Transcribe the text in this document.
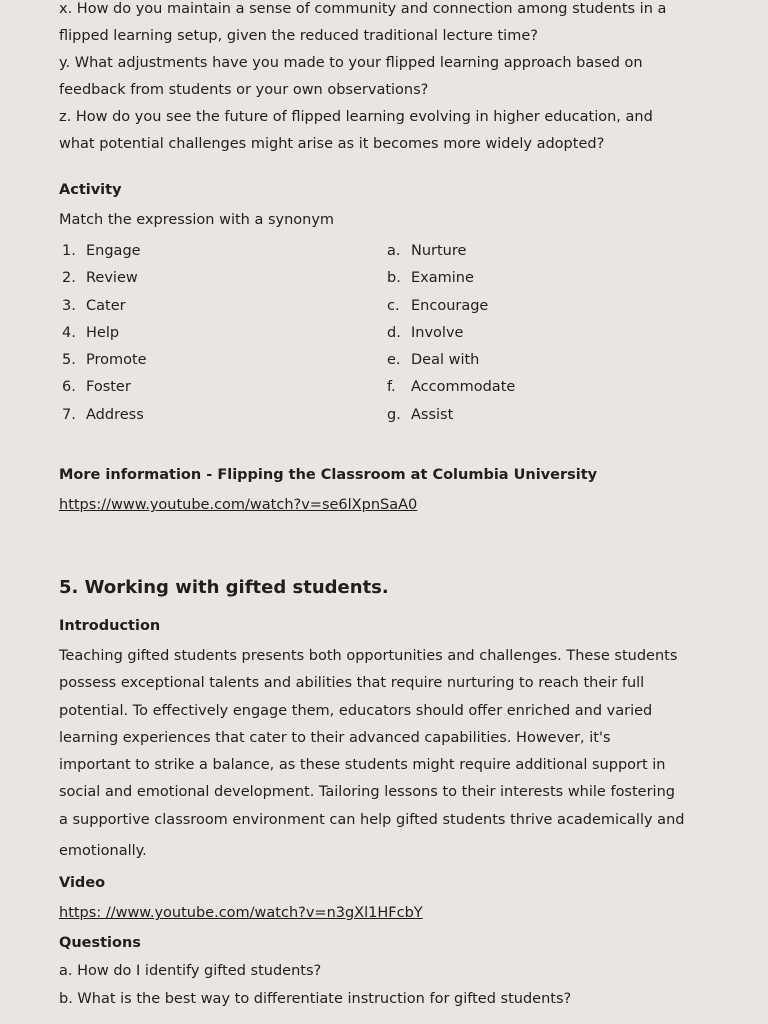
x. How do you maintain a sense of community and connection among students in a

flipped learning setup, given the reduced traditional lecture time?

y. What adjustments have you made to your flipped learning approach based on

feedback from students or your own observations?

z. How do you see the future of flipped learning evolving in higher education, and

what potential challenges might arise as it becomes more widely adopted?

Activity

Match the expression with a synonym

1. Engage
2. Review
3. Cater
4. Help
5. Promote
6. Foster
7. Address
a. Nurture
b. Examine
c. Encourage
d. Involve
e. Deal with
f. Accommodate
g. Assist

More information - Flipping the Classroom at Columbia University

https://www.youtube.com/watch?v=se6lXpnSaA0

5. Working with gifted students.

Introduction

Teaching gifted students presents both opportunities and challenges. These students

possess exceptional talents and abilities that require nurturing to reach their full

potential. To effectively engage them, educators should offer enriched and varied

learning experiences that cater to their advanced capabilities. However, it's

important to strike a balance, as these students might require additional support in

social and emotional development. Tailoring lessons to their interests while fostering

a supportive classroom environment can help gifted students thrive academically and

emotionally.

Video

https: //www.youtube.com/watch?v=n3gXl1HFcbY

Questions

a. How do I identify gifted students?

b. What is the best way to differentiate instruction for gifted students?
